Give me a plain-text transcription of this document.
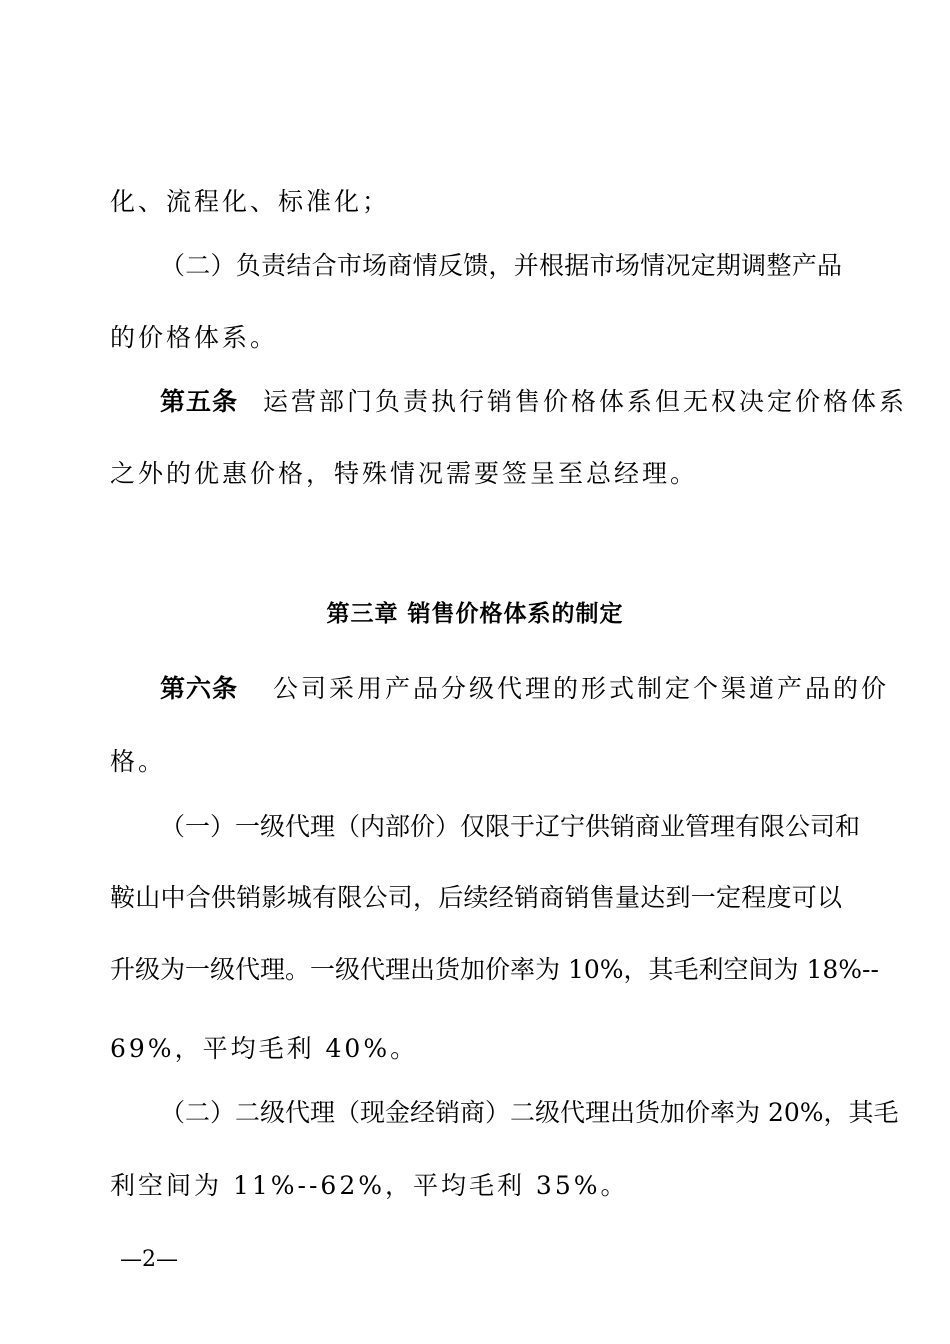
化、流程化、标准化；
（二）负责结合市场商情反馈，并根据市场情况定期调整产品
的价格体系。
第五条 运营部门负责执行销售价格体系但无权决定价格体系
之外的优惠价格，特殊情况需要签呈至总经理。
第三章 销售价格体系的制定
第六条 公司采用产品分级代理的形式制定个渠道产品的价
格。
（一）一级代理（内部价）仅限于辽宁供销商业管理有限公司和
鞍山中合供销影城有限公司，后续经销商销售量达到一定程度可以
升级为一级代理。一级代理出货加价率为 10%，其毛利空间为 18%--
69%，平均毛利 40%。
（二）二级代理（现金经销商）二级代理出货加价率为 20%，其毛
利空间为 11%--62%，平均毛利 35%。
—2—
